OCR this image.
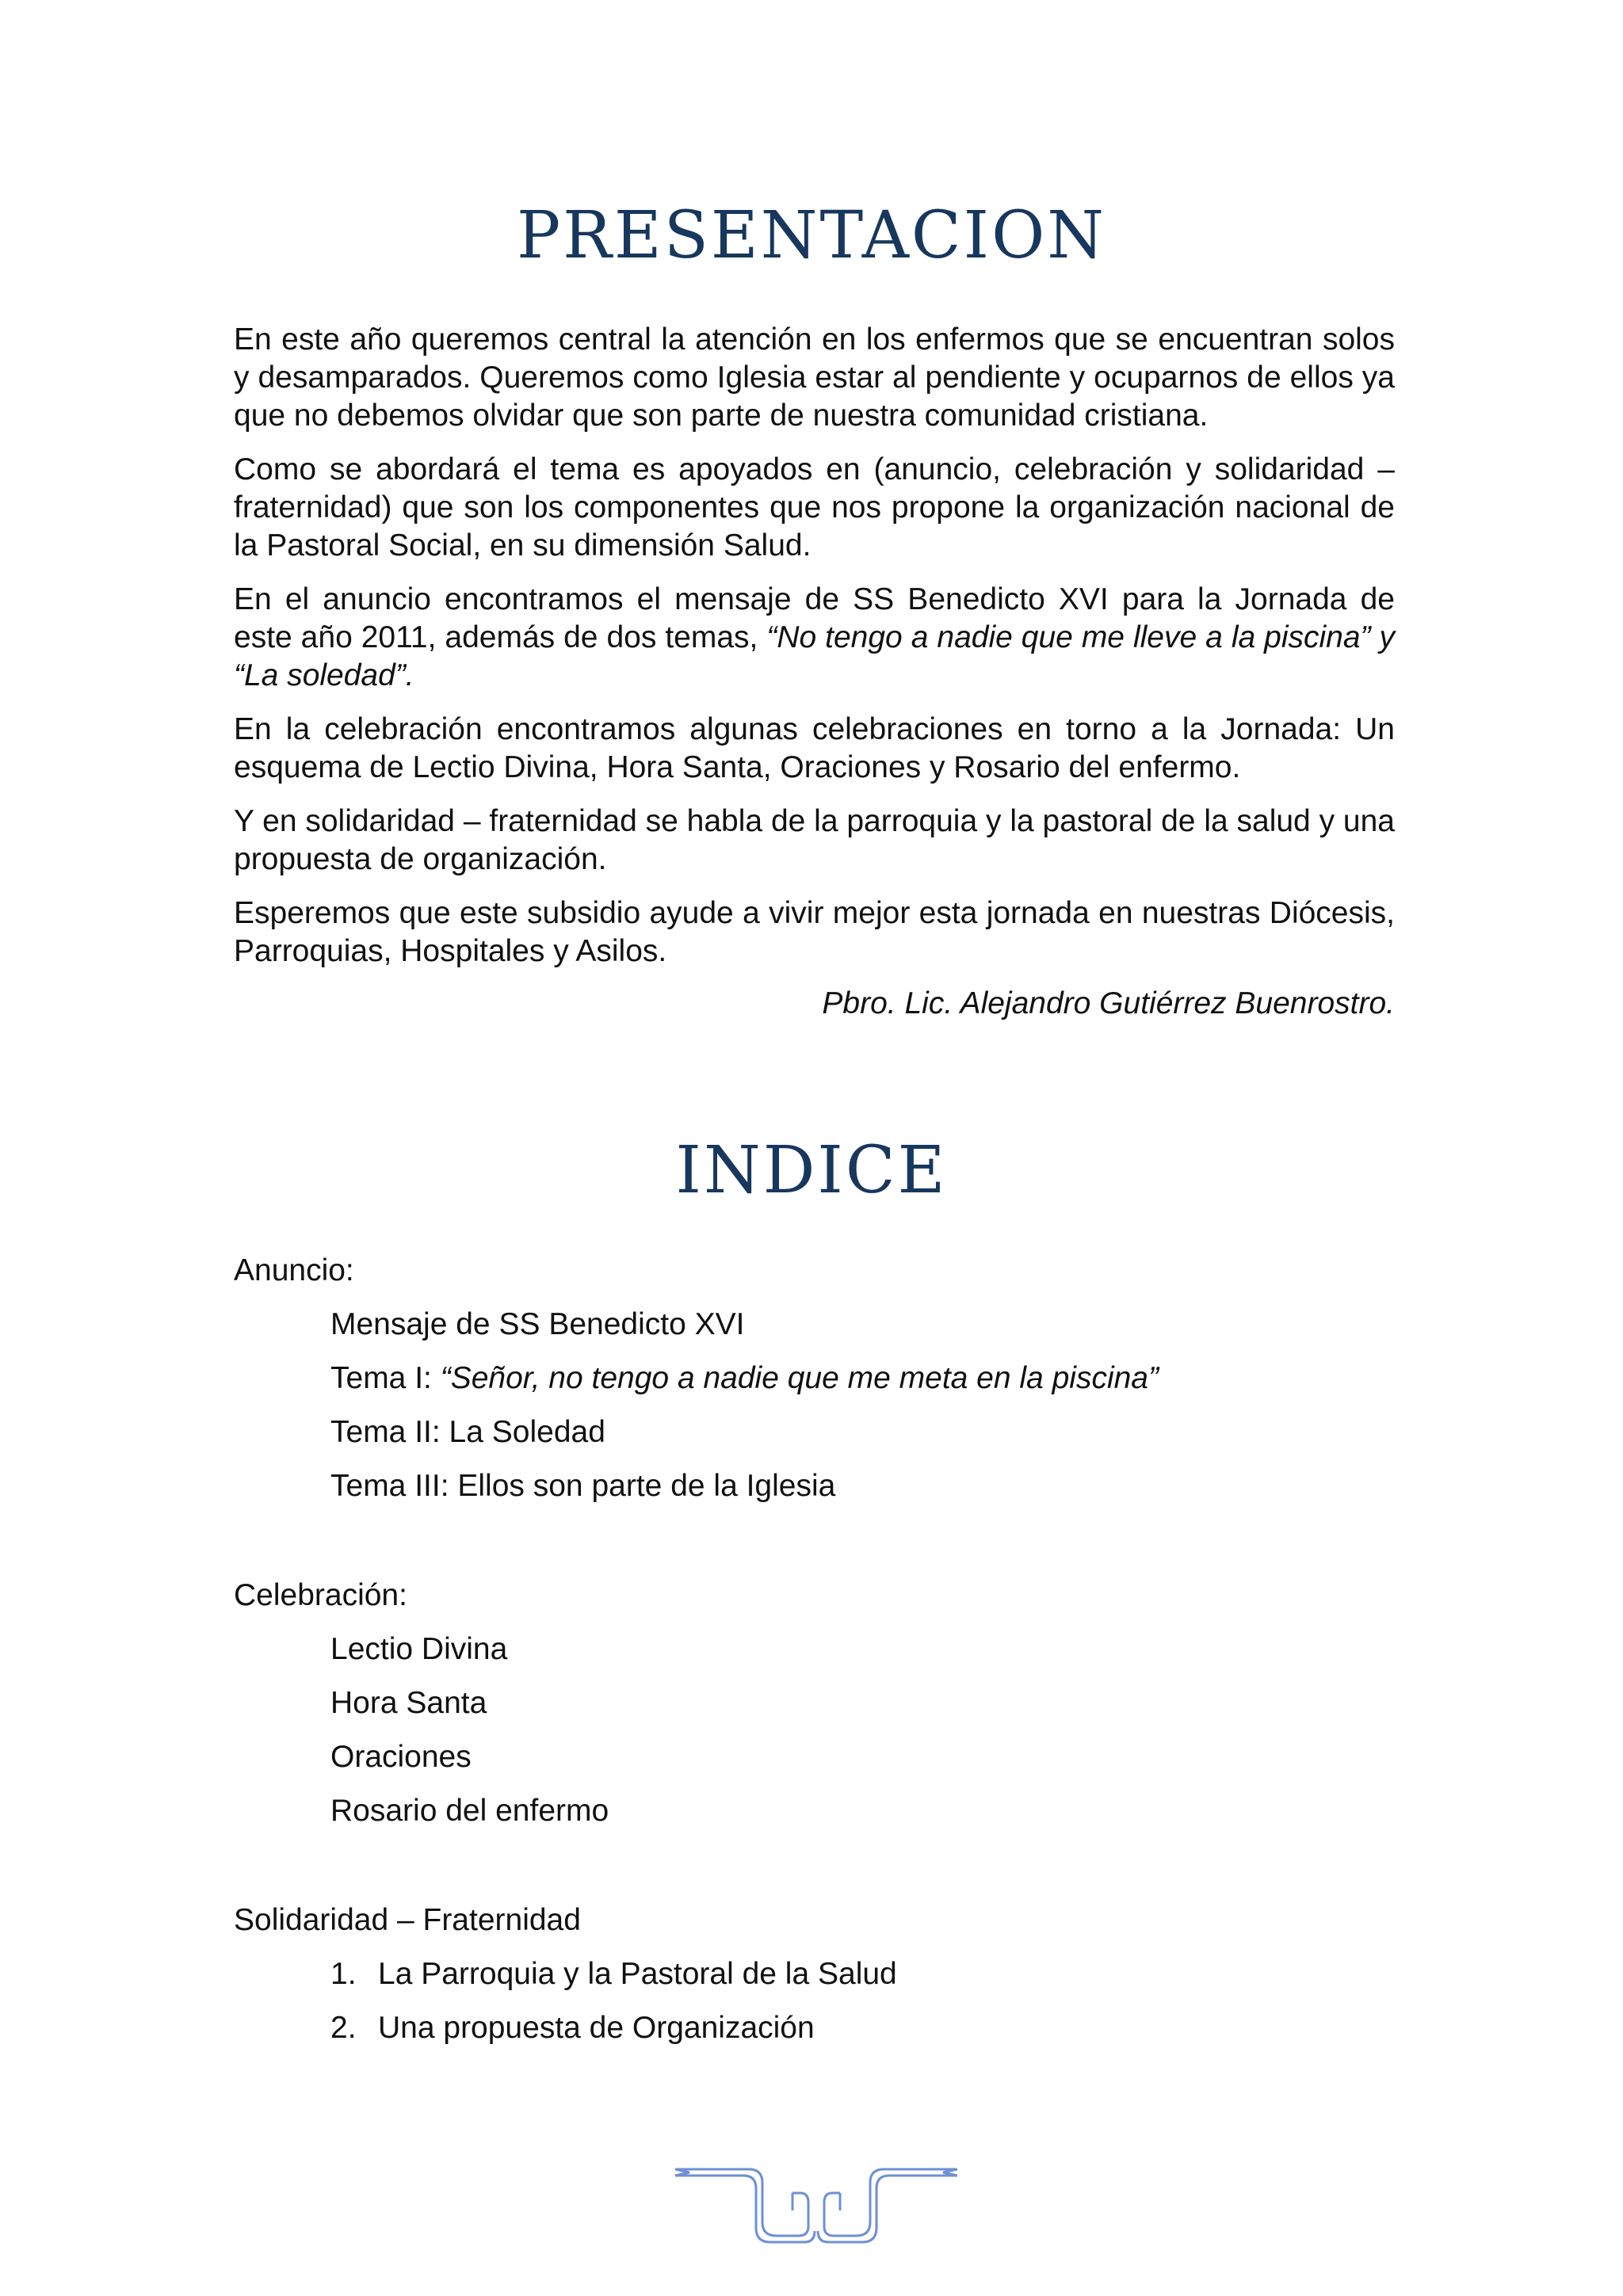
PRESENTACION

En este año queremos central la atención en los enfermos que se encuentran solos y desamparados. Queremos como Iglesia estar al pendiente y ocuparnos de ellos ya que no debemos olvidar que son parte de nuestra comunidad cristiana.

Como se abordará el tema es apoyados en (anuncio, celebración y solidaridad – fraternidad) que son los componentes que nos propone la organización nacional de la Pastoral Social, en su dimensión Salud.

En el anuncio encontramos el mensaje de SS Benedicto XVI para la Jornada de este año 2011, además de dos temas, “No tengo a nadie que me lleve a la piscina” y “La soledad”.

En la celebración encontramos algunas celebraciones en torno a la Jornada: Un esquema de Lectio Divina, Hora Santa, Oraciones y Rosario del enfermo.

Y en solidaridad – fraternidad se habla de la parroquia y la pastoral de la salud y una propuesta de organización.

Esperemos que este subsidio ayude a vivir mejor esta jornada en nuestras Diócesis, Parroquias, Hospitales y Asilos.

Pbro. Lic. Alejandro Gutiérrez Buenrostro.

INDICE
Anuncio:
Mensaje de SS Benedicto XVI
Tema I: “Señor, no tengo a nadie que me meta en la piscina”
Tema II: La Soledad
Tema III: Ellos son parte de la Iglesia
Celebración:
Lectio Divina
Hora Santa
Oraciones
Rosario del enfermo
Solidaridad – Fraternidad
1. La Parroquia y la Pastoral de la Salud
2. Una propuesta de Organización
